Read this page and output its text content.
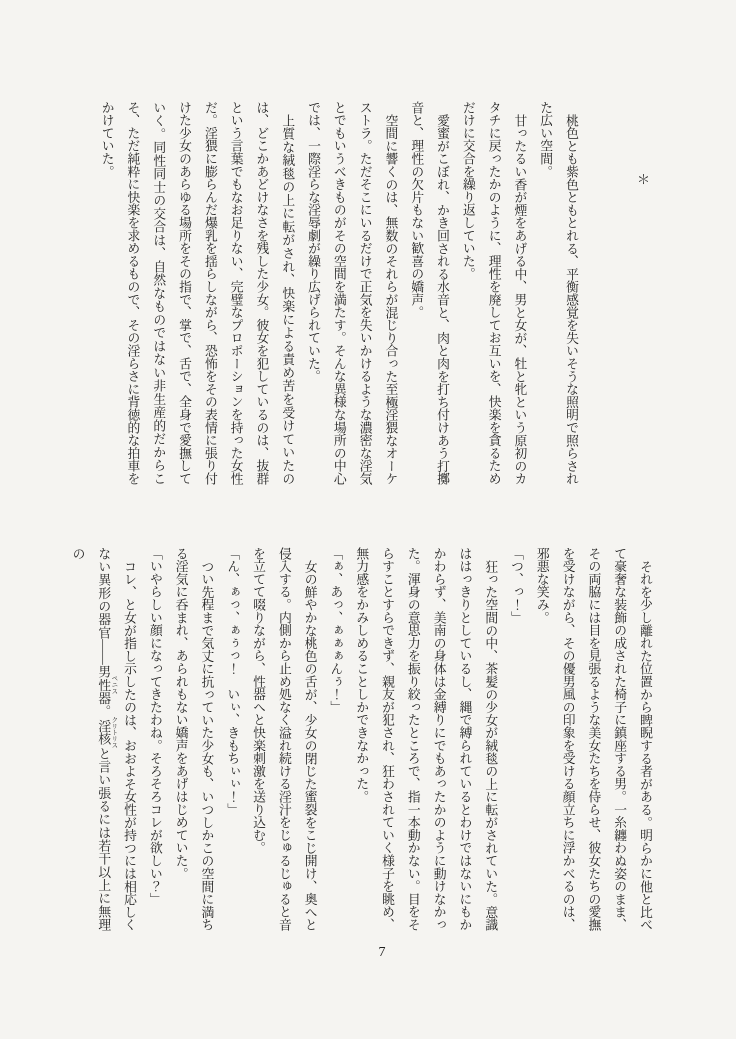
＊

桃色とも紫色ともとれる、平衡感覚を失いそうな照明で照らされた広い空間。

甘ったるい香が煙をあげる中、男と女が、牡と牝という原初のカタチに戻ったかのように、理性を廃してお互いを、快楽を貪るためだけに交合を繰り返していた。

愛蜜がこぼれ、かき回される水音と、肉と肉を打ち付けあう打擲音と、理性の欠片もない歓喜の嬌声。

空間に響くのは、無数のそれらが混じり合った至極淫猥なオーケストラ。ただそこにいるだけで正気を失いかけるような濃密な淫気とでもいうべきものがその空間を満たす。そんな異様な場所の中心では、一際淫らな淫辱劇が繰り広げられていた。

上質な絨毯の上に転がされ、快楽による責め苦を受けていたのは、どこかあどけなさを残した少女。彼女を犯しているのは、抜群という言葉でもなお足りない、完璧なプロポーションを持った女性だ。淫猥に膨らんだ爆乳を揺らしながら、恐怖をその表情に張り付けた少女のあらゆる場所をその指で、掌で、舌で、全身で愛撫していく。同性同士の交合は、自然なものではない非生産的だからこそ、ただ純粋に快楽を求めるもので、その淫らさに背徳的な拍車をかけていた。

それを少し離れた位置から睥睨する者がある。明らかに他と比べて豪奢な装飾の成された椅子に鎮座する男。一糸纏わぬ姿のまま、その両脇には目を見張るような美女たちを侍らせ、彼女たちの愛撫を受けながら、その優男風の印象を受ける顔立ちに浮かべるのは、邪悪な笑み。

「つ、っ！」

狂った空間の中、茶髪の少女が絨毯の上に転がされていた。意識ははっきりとしているし、縄で縛られているとわけではないにもかかわらず、美南の身体は金縛りにでもあったかのように動けなかった。渾身の意思力を振り絞ったところで、指一本動かない。目をそらすことすらできず、親友が犯され、狂わされていく様子を眺め、無力感をかみしめることしかできなかった。

「ぁ、あっ、ぁぁぁんぅ！」

女の鮮やかな桃色の舌が、少女の閉じた蜜裂をこじ開け、奥へと侵入する。内側から止め処なく溢れ続ける淫汁をじゅるじゅると音を立てて啜りながら、性器へと快楽刺激を送り込む。

「ん、ぁっ、ぁぅっ！　いぃ、きもちぃぃ！」

つい先程まで気丈に抗っていた少女も、いつしかこの空間に満ちる淫気に呑まれ、あられもない嬌声をあげはじめていた。

「いやらしい顔になってきたわね。そろそろコレが欲しい？」

コレ、と女が指し示したのは、おおよそ女性が持つには相応しくない異形の器官――男性器 ペニス。淫核 クリトリスと言い張るには若干以上に無理の

7
